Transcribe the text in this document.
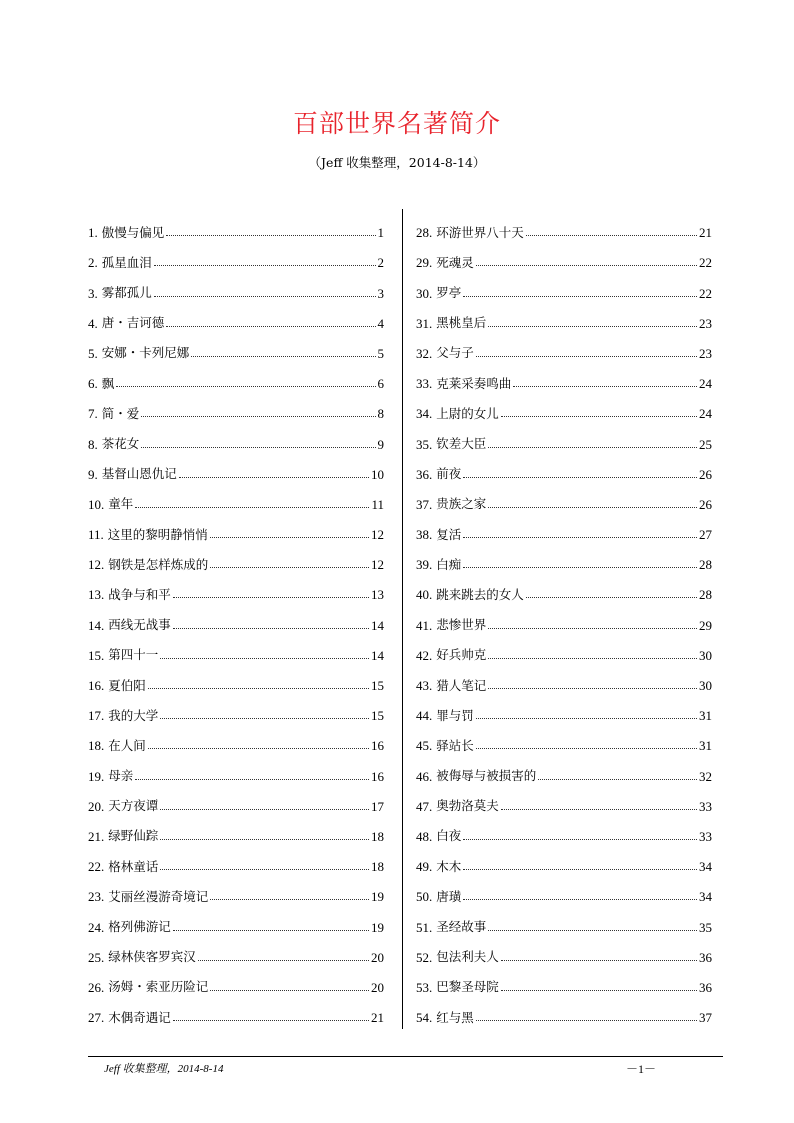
百部世界名著简介
（Jeff 收集整理，2014-8-14）
1. 傲慢与偏见	1
2. 孤星血泪	2
3. 雾都孤儿	3
4. 唐・吉诃德	4
5. 安娜・卡列尼娜	5
6. 飘	6
7. 简・爱	8
8. 茶花女	9
9. 基督山恩仇记	10
10. 童年	11
11. 这里的黎明静悄悄	12
12. 钢铁是怎样炼成的	12
13. 战争与和平	13
14. 西线无战事	14
15. 第四十一	14
16. 夏伯阳	15
17. 我的大学	15
18. 在人间	16
19. 母亲	16
20. 天方夜谭	17
21. 绿野仙踪	18
22. 格林童话	18
23. 艾丽丝漫游奇境记	19
24. 格列佛游记	19
25. 绿林侠客罗宾汉	20
26. 汤姆・索亚历险记	20
27. 木偶奇遇记	21
28. 环游世界八十天	21
29. 死魂灵	22
30. 罗亭	22
31. 黑桃皇后	23
32. 父与子	23
33. 克莱采奏鸣曲	24
34. 上尉的女儿	24
35. 钦差大臣	25
36. 前夜	26
37. 贵族之家	26
38. 复活	27
39. 白痴	28
40. 跳来跳去的女人	28
41. 悲惨世界	29
42. 好兵帅克	30
43. 猎人笔记	30
44. 罪与罚	31
45. 驿站长	31
46. 被侮辱与被损害的	32
47. 奥勃洛莫夫	33
48. 白夜	33
49. 木木	34
50. 唐璜	34
51. 圣经故事	35
52. 包法利夫人	36
53. 巴黎圣母院	36
54. 红与黑	37
Jeff 收集整理，2014-8-14	－1－
